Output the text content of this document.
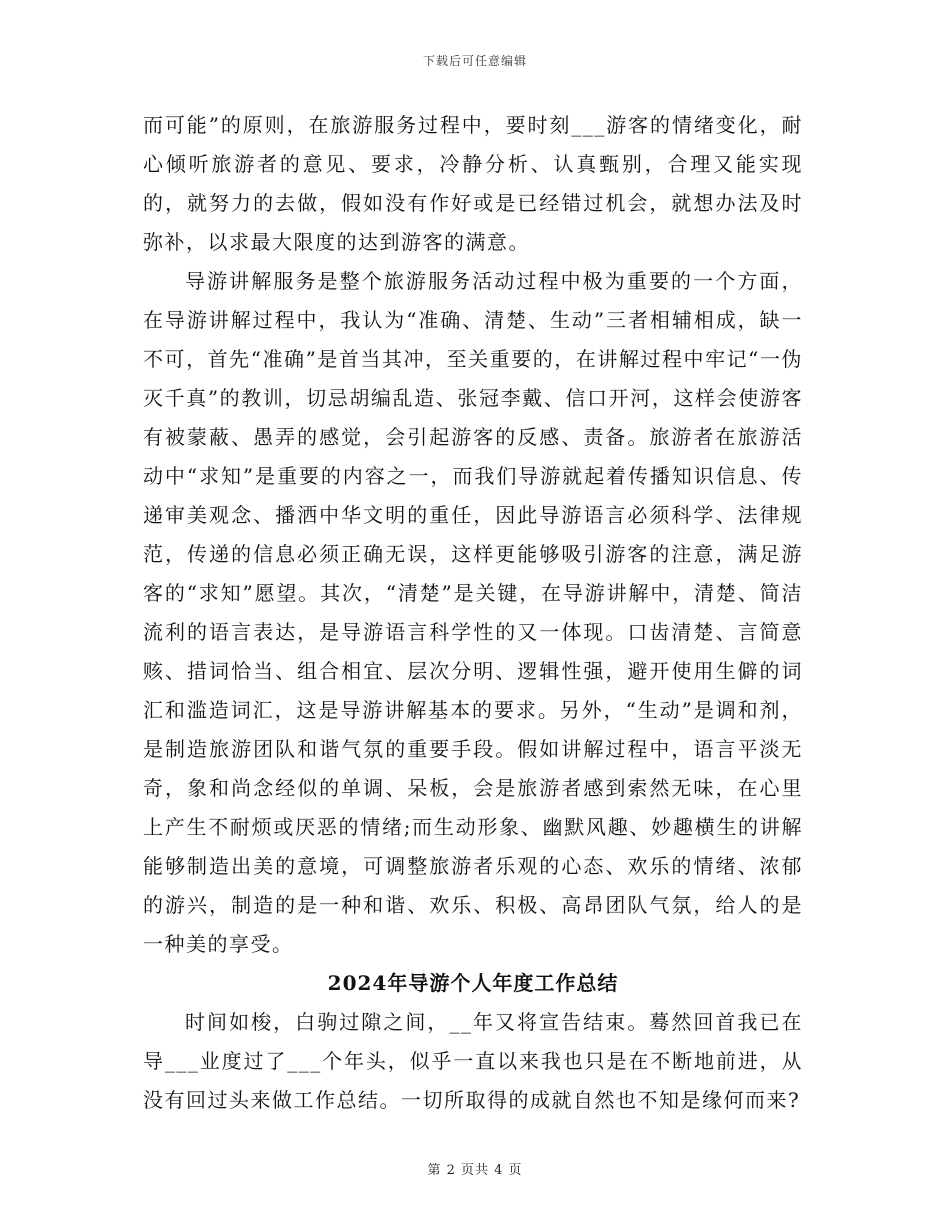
下载后可任意编辑

而可能”的原则，在旅游服务过程中，要时刻___游客的情绪变化，耐心倾听旅游者的意见、要求，冷静分析、认真甄别，合理又能实现的，就努力的去做，假如没有作好或是已经错过机会，就想办法及时弥补，以求最大限度的达到游客的满意。

导游讲解服务是整个旅游服务活动过程中极为重要的一个方面，在导游讲解过程中，我认为“准确、清楚、生动”三者相辅相成，缺一不可，首先“准确”是首当其冲，至关重要的，在讲解过程中牢记“一伪灭千真”的教训，切忌胡编乱造、张冠李戴、信口开河，这样会使游客有被蒙蔽、愚弄的感觉，会引起游客的反感、责备。旅游者在旅游活动中“求知”是重要的内容之一，而我们导游就起着传播知识信息、传递审美观念、播洒中华文明的重任，因此导游语言必须科学、法律规范，传递的信息必须正确无误，这样更能够吸引游客的注意，满足游客的“求知”愿望。其次，“清楚”是关键，在导游讲解中，清楚、简洁流利的语言表达，是导游语言科学性的又一体现。口齿清楚、言简意赅、措词恰当、组合相宜、层次分明、逻辑性强，避开使用生僻的词汇和滥造词汇，这是导游讲解基本的要求。另外，“生动”是调和剂，是制造旅游团队和谐气氛的重要手段。假如讲解过程中，语言平淡无奇，象和尚念经似的单调、呆板，会是旅游者感到索然无味，在心里上产生不耐烦或厌恶的情绪;而生动形象、幽默风趣、妙趣横生的讲解能够制造出美的意境，可调整旅游者乐观的心态、欢乐的情绪、浓郁的游兴，制造的是一种和谐、欢乐、积极、高昂团队气氛，给人的是一种美的享受。

2024年导游个人年度工作总结

时间如梭，白驹过隙之间，__年又将宣告结束。蓦然回首我已在导___业度过了___个年头，似乎一直以来我也只是在不断地前进，从没有回过头来做工作总结。一切所取得的成就自然也不知是缘何而来?

第 2 页共 4 页
